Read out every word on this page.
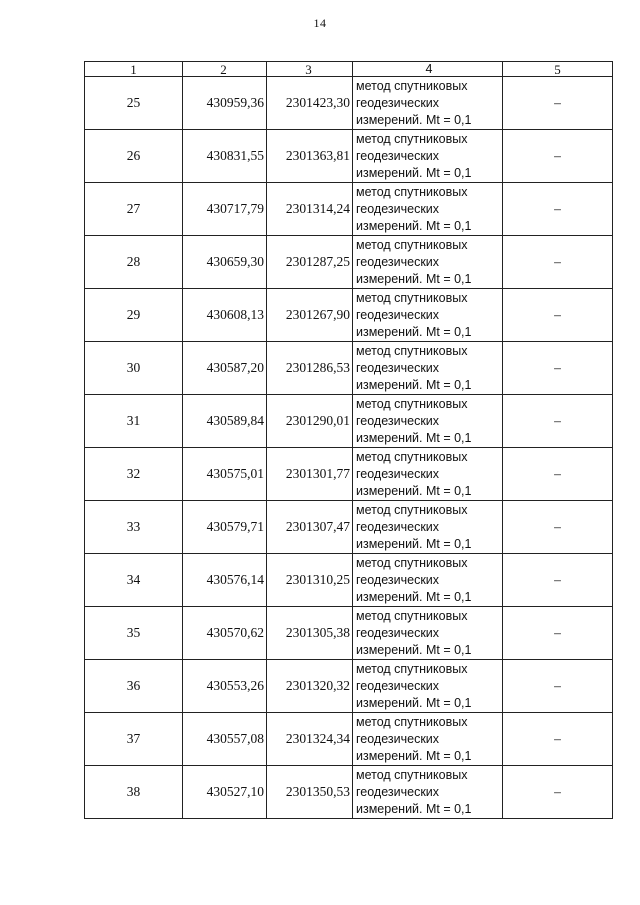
14
1	2	3	4	5
25	430959,36	2301423,30	метод спутниковых
геодезических
измерений. Mt = 0,1	–
26	430831,55	2301363,81	метод спутниковых
геодезических
измерений. Mt = 0,1	–
27	430717,79	2301314,24	метод спутниковых
геодезических
измерений. Mt = 0,1	–
28	430659,30	2301287,25	метод спутниковых
геодезических
измерений. Mt = 0,1	–
29	430608,13	2301267,90	метод спутниковых
геодезических
измерений. Mt = 0,1	–
30	430587,20	2301286,53	метод спутниковых
геодезических
измерений. Mt = 0,1	–
31	430589,84	2301290,01	метод спутниковых
геодезических
измерений. Mt = 0,1	–
32	430575,01	2301301,77	метод спутниковых
геодезических
измерений. Mt = 0,1	–
33	430579,71	2301307,47	метод спутниковых
геодезических
измерений. Mt = 0,1	–
34	430576,14	2301310,25	метод спутниковых
геодезических
измерений. Mt = 0,1	–
35	430570,62	2301305,38	метод спутниковых
геодезических
измерений. Mt = 0,1	–
36	430553,26	2301320,32	метод спутниковых
геодезических
измерений. Mt = 0,1	–
37	430557,08	2301324,34	метод спутниковых
геодезических
измерений. Mt = 0,1	–
38	430527,10	2301350,53	метод спутниковых
геодезических
измерений. Mt = 0,1	–
